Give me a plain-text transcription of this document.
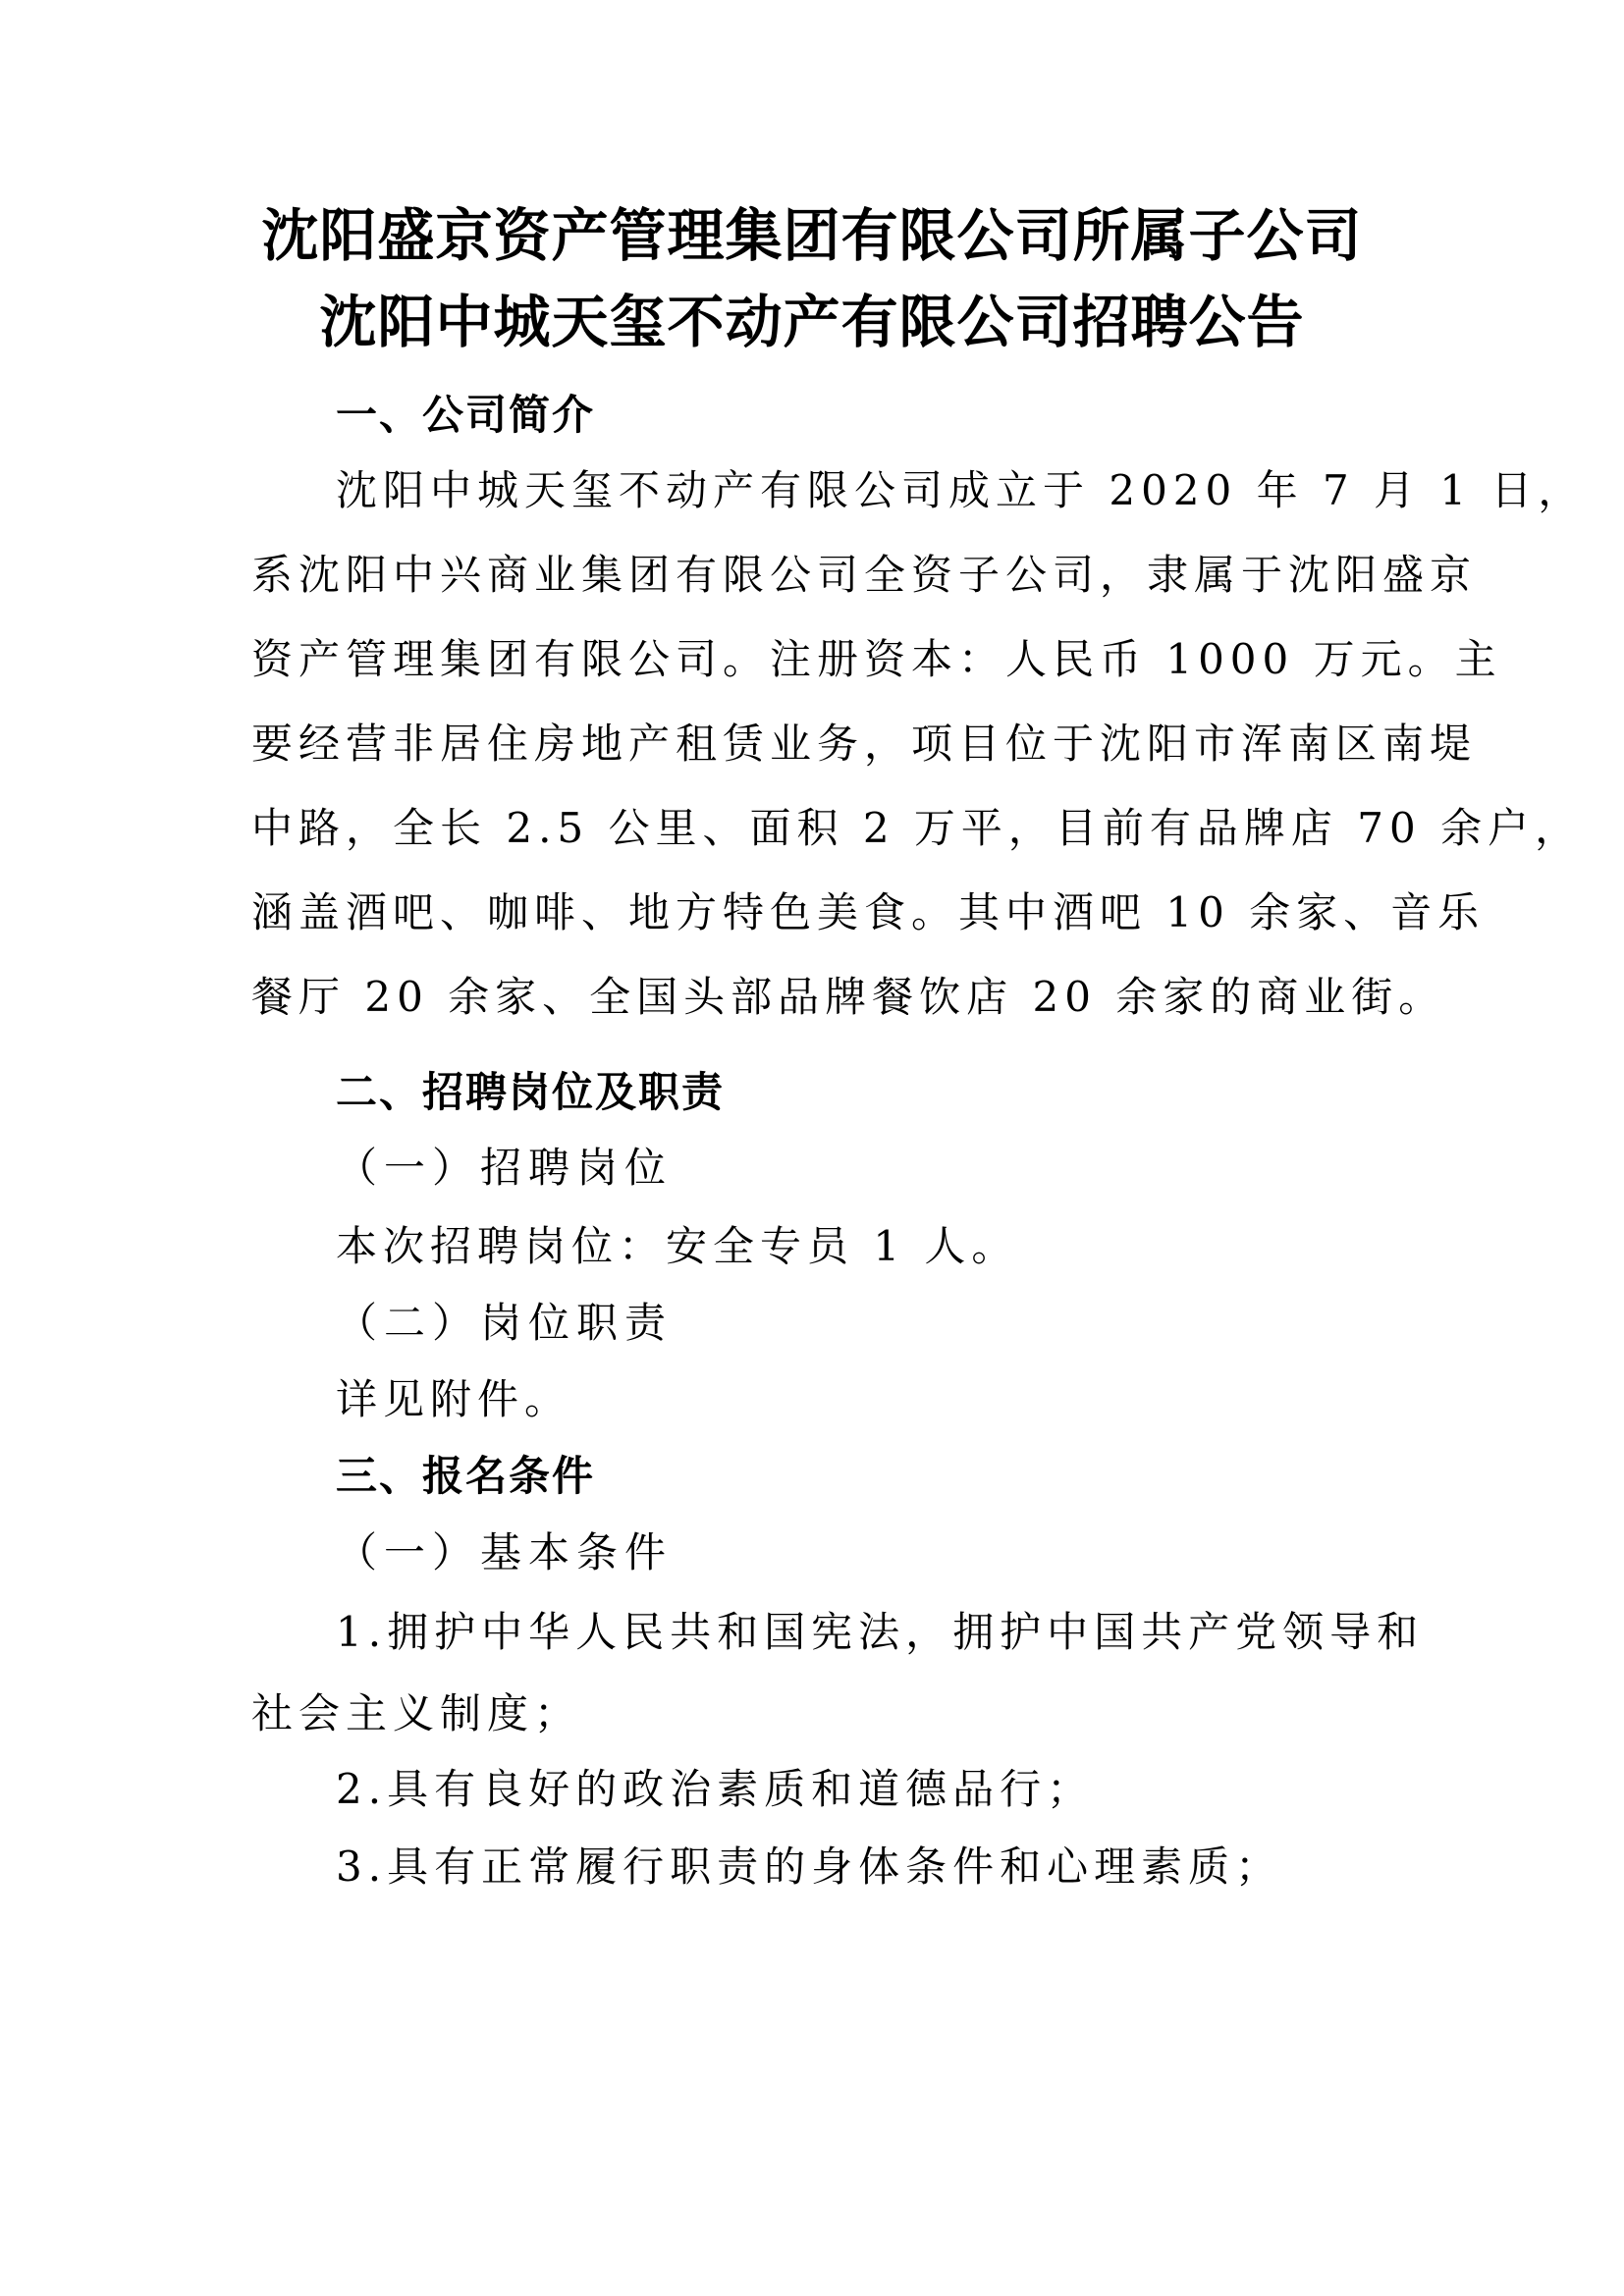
沈阳盛京资产管理集团有限公司所属子公司
沈阳中城天玺不动产有限公司招聘公告
一、公司简介
沈阳中城天玺不动产有限公司成立于 2020 年 7 月 1 日，
系沈阳中兴商业集团有限公司全资子公司，隶属于沈阳盛京
资产管理集团有限公司。注册资本：人民币 1000 万元。主
要经营非居住房地产租赁业务，项目位于沈阳市浑南区南堤
中路，全长 2.5 公里、面积 2 万平，目前有品牌店 70 余户，
涵盖酒吧、咖啡、地方特色美食。其中酒吧 10 余家、音乐
餐厅 20 余家、全国头部品牌餐饮店 20 余家的商业街。
二、招聘岗位及职责
（一）招聘岗位
本次招聘岗位：安全专员 1 人。
（二）岗位职责
详见附件。
三、报名条件
（一）基本条件
1.拥护中华人民共和国宪法，拥护中国共产党领导和
社会主义制度；
2.具有良好的政治素质和道德品行；
3.具有正常履行职责的身体条件和心理素质；
